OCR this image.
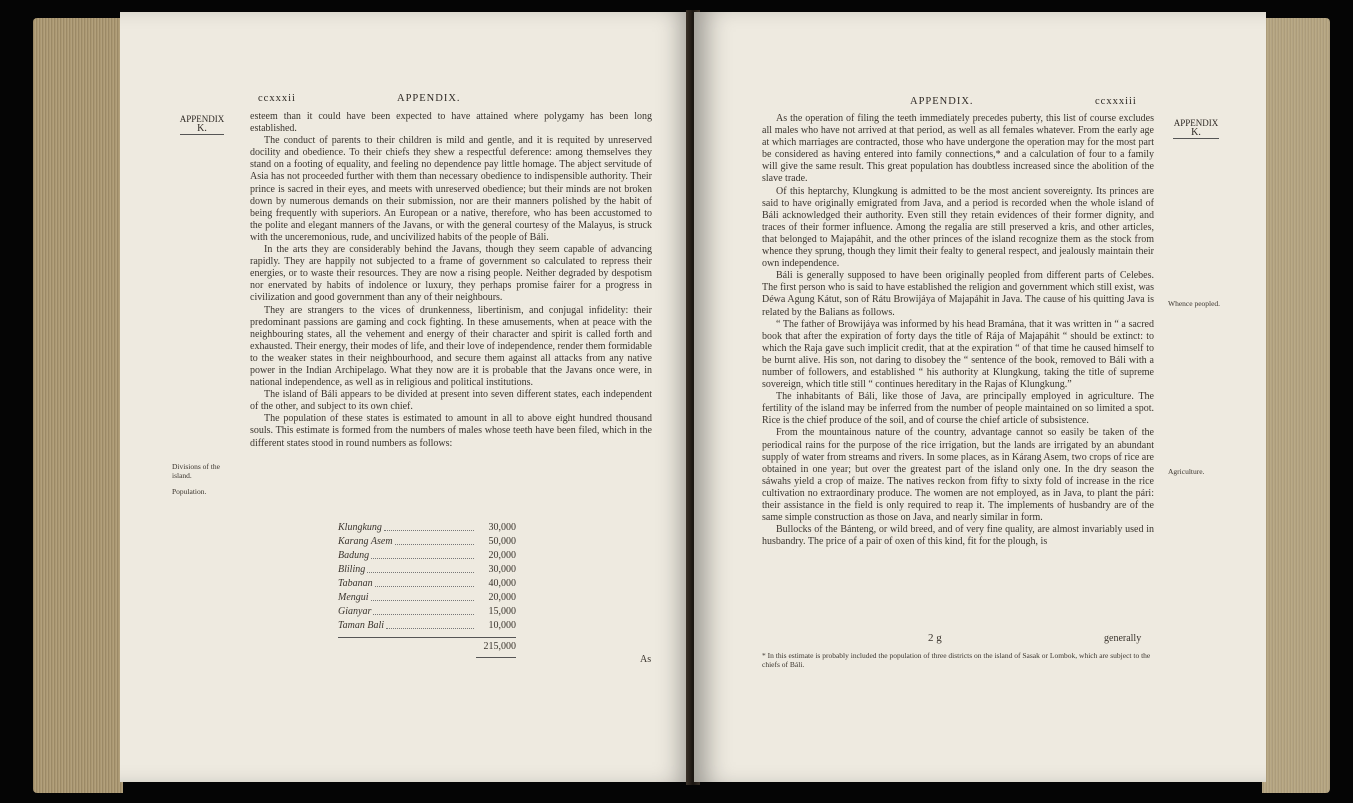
ccxxxii	APPENDIX.
APPENDIX
K.

esteem than it could have been expected to have attained where polygamy has been long established.

The conduct of parents to their children is mild and gentle, and it is requited by unreserved docility and obedience. To their chiefs they shew a respectful deference: among themselves they stand on a footing of equality, and feeling no dependence pay little homage. The abject servitude of Asia has not proceeded further with them than necessary obedience to indispensible authority. Their prince is sacred in their eyes, and meets with unreserved obedience; but their minds are not broken down by numerous demands on their submission, nor are their manners polished by the habit of being frequently with superiors. An European or a native, therefore, who has been accustomed to the polite and elegant manners of the Javans, or with the general courtesy of the Malayus, is struck with the unceremonious, rude, and uncivilized habits of the people of Báli.

In the arts they are considerably behind the Javans, though they seem capable of advancing rapidly. They are happily not subjected to a frame of government so calculated to repress their energies, or to waste their resources. They are now a rising people. Neither degraded by despotism nor enervated by habits of indolence or luxury, they perhaps promise fairer for a progress in civilization and good government than any of their neighbours.

They are strangers to the vices of drunkenness, libertinism, and conjugal infidelity: their predominant passions are gaming and cock fighting. In these amusements, when at peace with the neighbouring states, all the vehement and energy of their character and spirit is called forth and exhausted. Their energy, their modes of life, and their love of independence, render them formidable to the weaker states in their neighbourhood, and secure them against all attacks from any native power in the Indian Archipelago. What they now are it is probable that the Javans once were, in national independence, as well as in religious and political institutions.

The island of Báli appears to be divided at present into seven different states, each independent of the other, and subject to its own chief.

The population of these states is estimated to amount in all to above eight hundred thousand souls. This estimate is formed from the numbers of males whose teeth have been filed, which in the different states stood in round numbers as follows:

Divisions of the island.
Population.
Klungkung	30,000
Karang Asem	50,000
Badung	20,000
Bliling	30,000
Tabanan	40,000
Mengui	20,000
Gianyar	15,000
Taman Bali	10,000
215,000
As
APPENDIX.	ccxxxiii
APPENDIX
K.

As the operation of filing the teeth immediately precedes puberty, this list of course excludes all males who have not arrived at that period, as well as all females whatever. From the early age at which marriages are contracted, those who have undergone the operation may for the most part be considered as having entered into family connections,* and a calculation of four to a family will give the same result. This great population has doubtless increased since the abolition of the slave trade.

Of this heptarchy, Klungkung is admitted to be the most ancient sovereignty. Its princes are said to have originally emigrated from Java, and a period is recorded when the whole island of Báli acknowledged their authority. Even still they retain evidences of their former dignity, and traces of their former influence. Among the regalia are still preserved a kris, and other articles, that belonged to Majapáhit, and the other princes of the island recognize them as the stock from whence they sprung, though they limit their fealty to general respect, and jealously maintain their own independence.

Báli is generally supposed to have been originally peopled from different parts of Celebes. The first person who is said to have established the religion and government which still exist, was Déwa Agung Kátut, son of Rátu Browijáya of Majapáhit in Java. The cause of his quitting Java is related by the Balians as follows.

“ The father of Browijáya was informed by his head Bramána, that it was written in “ a sacred book that after the expiration of forty days the title of Rája of Majapáhit “ should be extinct: to which the Raja gave such implicit credit, that at the expiration “ of that time he caused himself to be burnt alive. His son, not daring to disobey the “ sentence of the book, removed to Báli with a number of followers, and established “ his authority at Klungkung, taking the title of supreme sovereign, which title still “ continues hereditary in the Rajas of Klungkung.”

The inhabitants of Báli, like those of Java, are principally employed in agriculture. The fertility of the island may be inferred from the number of people maintained on so limited a spot. Rice is the chief produce of the soil, and of course the chief article of subsistence.

From the mountainous nature of the country, advantage cannot so easily be taken of the periodical rains for the purpose of the rice irrigation, but the lands are irrigated by an abundant supply of water from streams and rivers. In some places, as in Kárang Asem, two crops of rice are obtained in one year; but over the greatest part of the island only one. In the dry season the sáwahs yield a crop of maize. The natives reckon from fifty to sixty fold of increase in the rice cultivation no extraordinary produce. The women are not employed, as in Java, to plant the pári: their assistance in the field is only required to reap it. The implements of husbandry are of the same simple construction as those on Java, and nearly similar in form.

Bullocks of the Bánteng, or wild breed, and of very fine quality, are almost invariably used in husbandry. The price of a pair of oxen of this kind, fit for the plough, is

Whence peopled.
Agriculture.
2 g	generally
* In this estimate is probably included the population of three districts on the island of Sasak or Lombok, which are subject to the chiefs of Báli.
